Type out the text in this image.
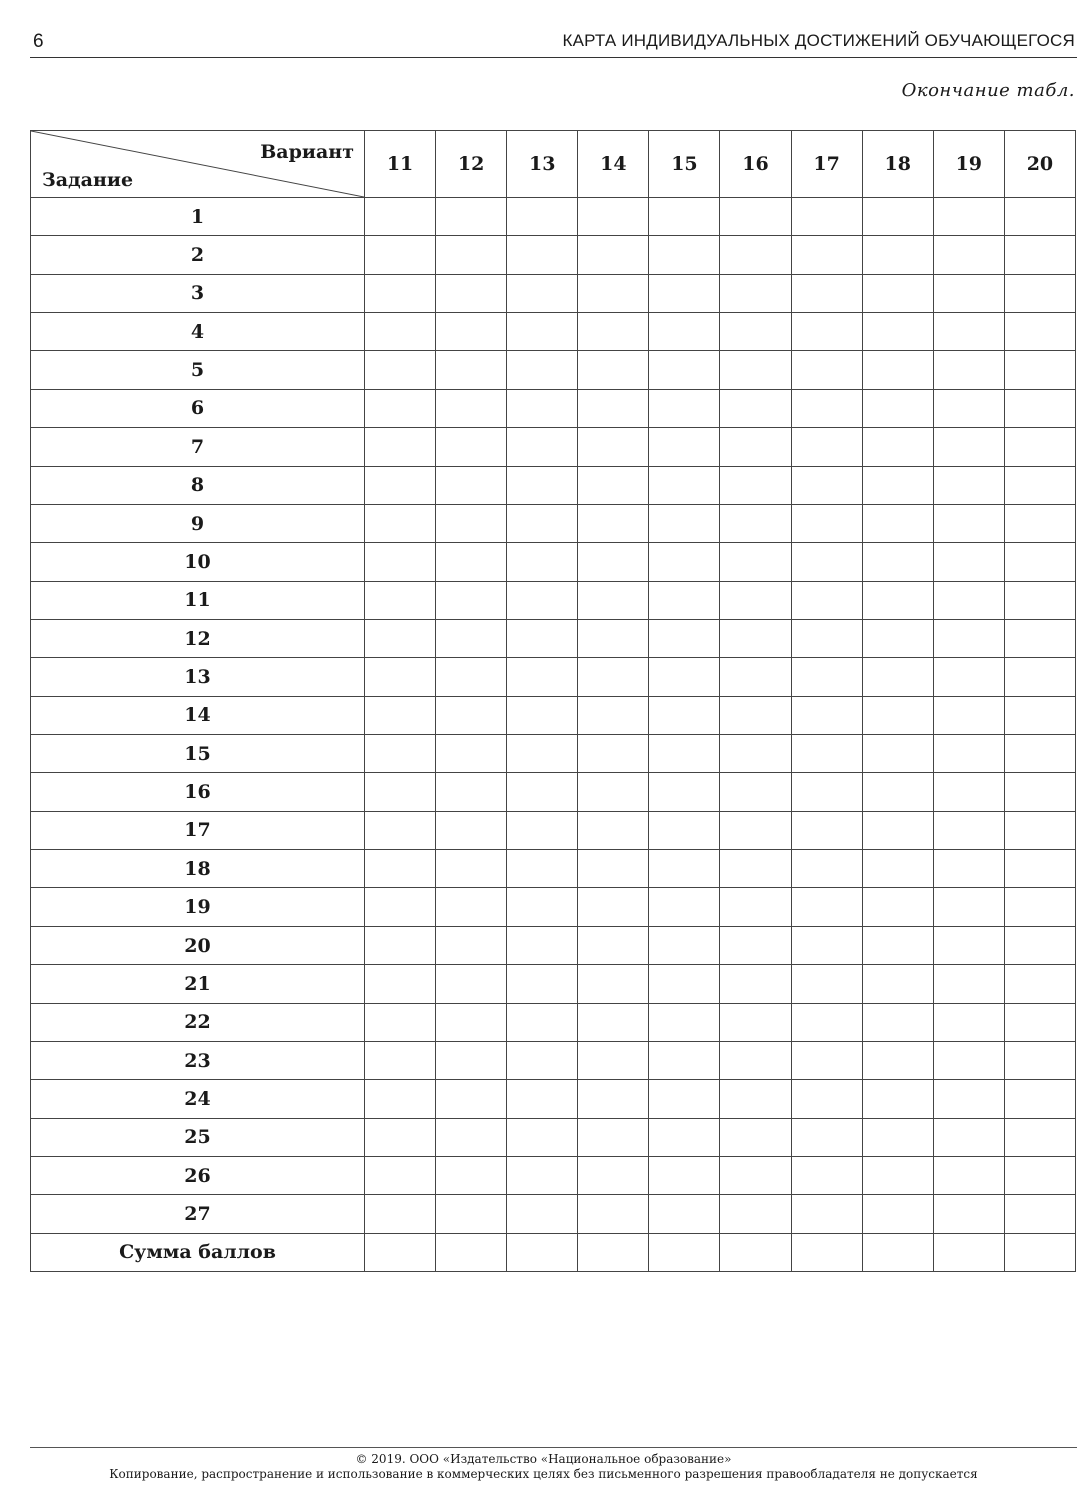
6	КАРТА ИНДИВИДУАЛЬНЫХ ДОСТИЖЕНИЙ ОБУЧАЮЩЕГОСЯ
Окончание табл.
Вариант
Задание	11	12	13	14	15	16	17	18	19	20
1										
2										
3										
4										
5										
6										
7										
8										
9										
10										
11										
12										
13										
14										
15										
16										
17										
18										
19										
20										
21										
22										
23										
24										
25										
26										
27										
Сумма баллов										
© 2019. ООО «Издательство «Национальное образование»
Копирование, распространение и использование в коммерческих целях без письменного разрешения правообладателя не допускается
